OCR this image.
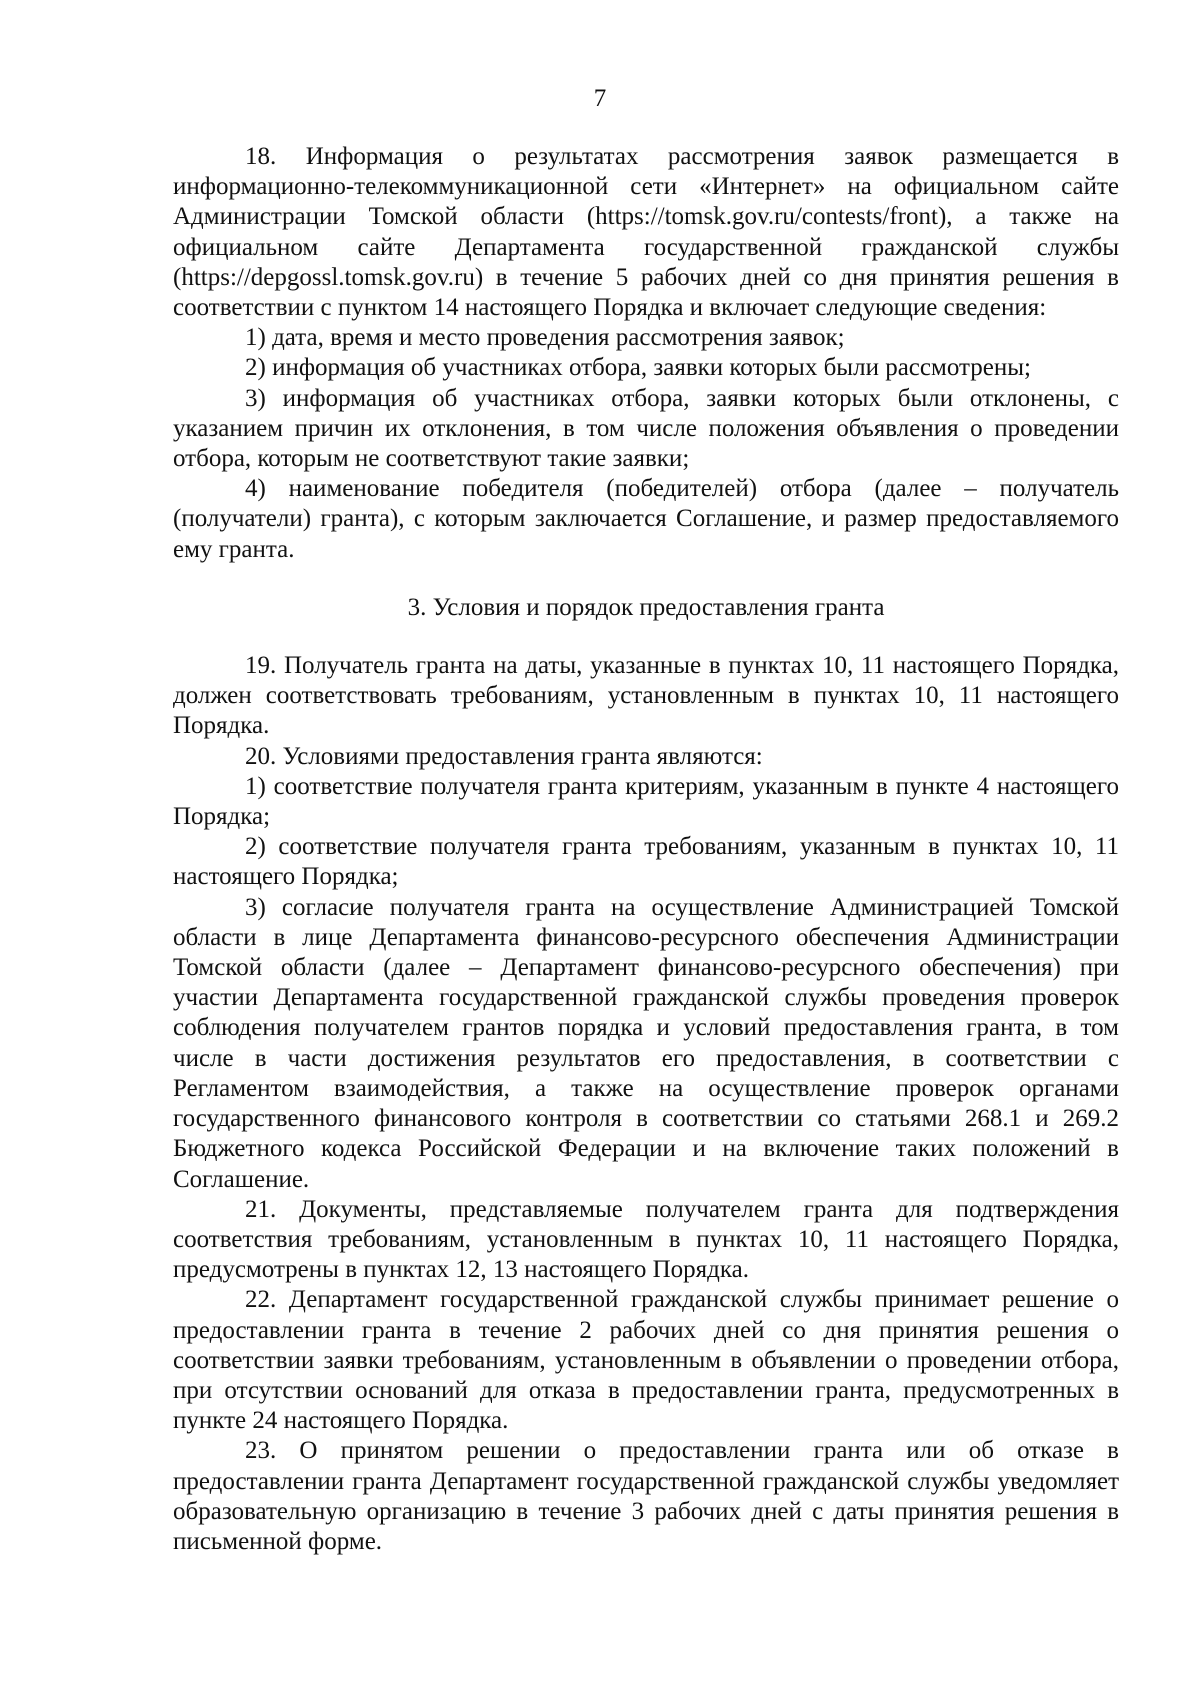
7

18. Информация о результатах рассмотрения заявок размещается в информационно-телекоммуникационной сети «Интернет» на официальном сайте Администрации Томской области (https://tomsk.gov.ru/contests/front), а также на официальном сайте Департамента государственной гражданской службы (https://depgossl.tomsk.gov.ru) в течение 5 рабочих дней со дня принятия решения в соответствии с пунктом 14 настоящего Порядка и включает следующие сведения:

1) дата, время и место проведения рассмотрения заявок;

2) информация об участниках отбора, заявки которых были рассмотрены;

3) информация об участниках отбора, заявки которых были отклонены, с указанием причин их отклонения, в том числе положения объявления о проведении отбора, которым не соответствуют такие заявки;

4) наименование победителя (победителей) отбора (далее – получатель (получатели) гранта), с которым заключается Соглашение, и размер предоставляемого ему гранта.

3. Условия и порядок предоставления гранта

19. Получатель гранта на даты, указанные в пунктах 10, 11 настоящего Порядка, должен соответствовать требованиям, установленным в пунктах 10, 11 настоящего Порядка.

20. Условиями предоставления гранта являются:

1) соответствие получателя гранта критериям, указанным в пункте 4 настоящего Порядка;

2) соответствие получателя гранта требованиям, указанным в пунктах 10, 11 настоящего Порядка;

3) согласие получателя гранта на осуществление Администрацией Томской области в лице Департамента финансово-ресурсного обеспечения Администрации Томской области (далее – Департамент финансово-ресурсного обеспечения) при участии Департамента государственной гражданской службы проведения проверок соблюдения получателем грантов порядка и условий предоставления гранта, в том числе в части достижения результатов его предоставления, в соответствии с Регламентом взаимодействия, а также на осуществление проверок органами государственного финансового контроля в соответствии со статьями 268.1 и 269.2 Бюджетного кодекса Российской Федерации и на включение таких положений в Соглашение.

21. Документы, представляемые получателем гранта для подтверждения соответствия требованиям, установленным в пунктах 10, 11 настоящего Порядка, предусмотрены в пунктах 12, 13 настоящего Порядка.

22. Департамент государственной гражданской службы принимает решение о предоставлении гранта в течение 2 рабочих дней со дня принятия решения о соответствии заявки требованиям, установленным в объявлении о проведении отбора, при отсутствии оснований для отказа в предоставлении гранта, предусмотренных в пункте 24 настоящего Порядка.

23. О принятом решении о предоставлении гранта или об отказе в предоставлении гранта Департамент государственной гражданской службы уведомляет образовательную организацию в течение 3 рабочих дней с даты принятия решения в письменной форме.
